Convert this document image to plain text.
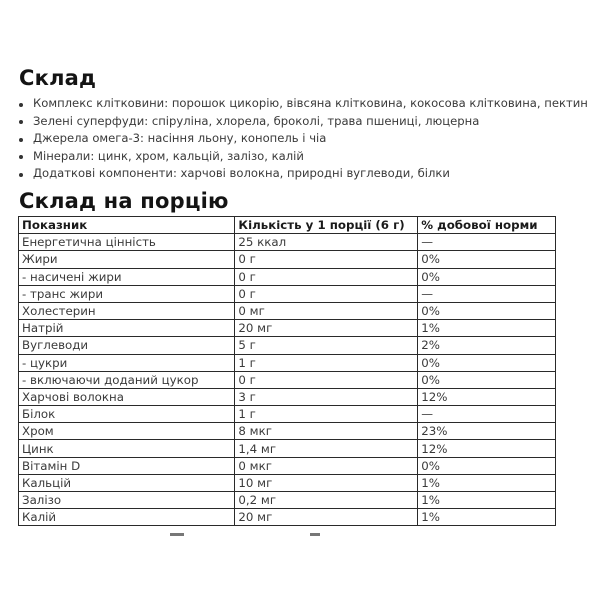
Склад
Комплекс клітковини: порошок цикорію, вівсяна клітковина, кокосова клітковина, пектин
Зелені суперфуди: спіруліна, хлорела, броколі, трава пшениці, люцерна
Джерела омега-3: насіння льону, конопель і чіа
Мінерали: цинк, хром, кальцій, залізо, калій
Додаткові компоненти: харчові волокна, природні вуглеводи, білки
Склад на порцію
Показник	Кількість у 1 порції (6 г)	% добової норми
Енергетична цінність	25 ккал	—
Жири	0 г	0%
- насичені жири	0 г	0%
- транс жири	0 г	—
Холестерин	0 мг	0%
Натрій	20 мг	1%
Вуглеводи	5 г	2%
- цукри	1 г	0%
- включаючи доданий цукор	0 г	0%
Харчові волокна	3 г	12%
Білок	1 г	—
Хром	8 мкг	23%
Цинк	1,4 мг	12%
Вітамін D	0 мкг	0%
Кальцій	10 мг	1%
Залізо	0,2 мг	1%
Калій	20 мг	1%
